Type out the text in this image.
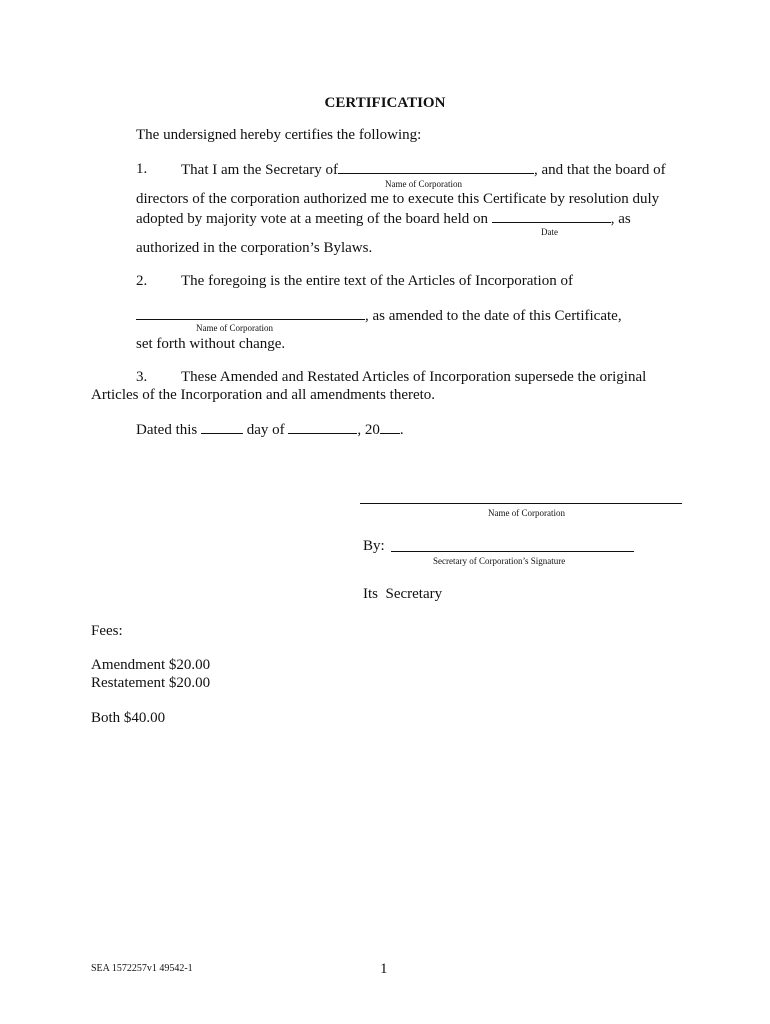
CERTIFICATION
The undersigned hereby certifies the following:
1. That I am the Secretary of	, and that the board of
Name of Corporation
directors of the corporation authorized me to execute this Certificate by resolution duly
adopted by majority vote at a meeting of the board held on	, as
Date
authorized in the corporation’s Bylaws.
2. The foregoing is the entire text of the Articles of Incorporation of
, as amended to the date of this Certificate,
Name of Corporation
set forth without change.
3. These Amended and Restated Articles of Incorporation supersede the original
Articles of the Incorporation and all amendments thereto.
Dated this	day of	, 20 .
Name of Corporation
By:
Secretary of Corporation’s Signature
Its  Secretary
Fees:
Amendment $20.00
Restatement $20.00
Both $40.00
SEA 1572257v1 49542-1	1
